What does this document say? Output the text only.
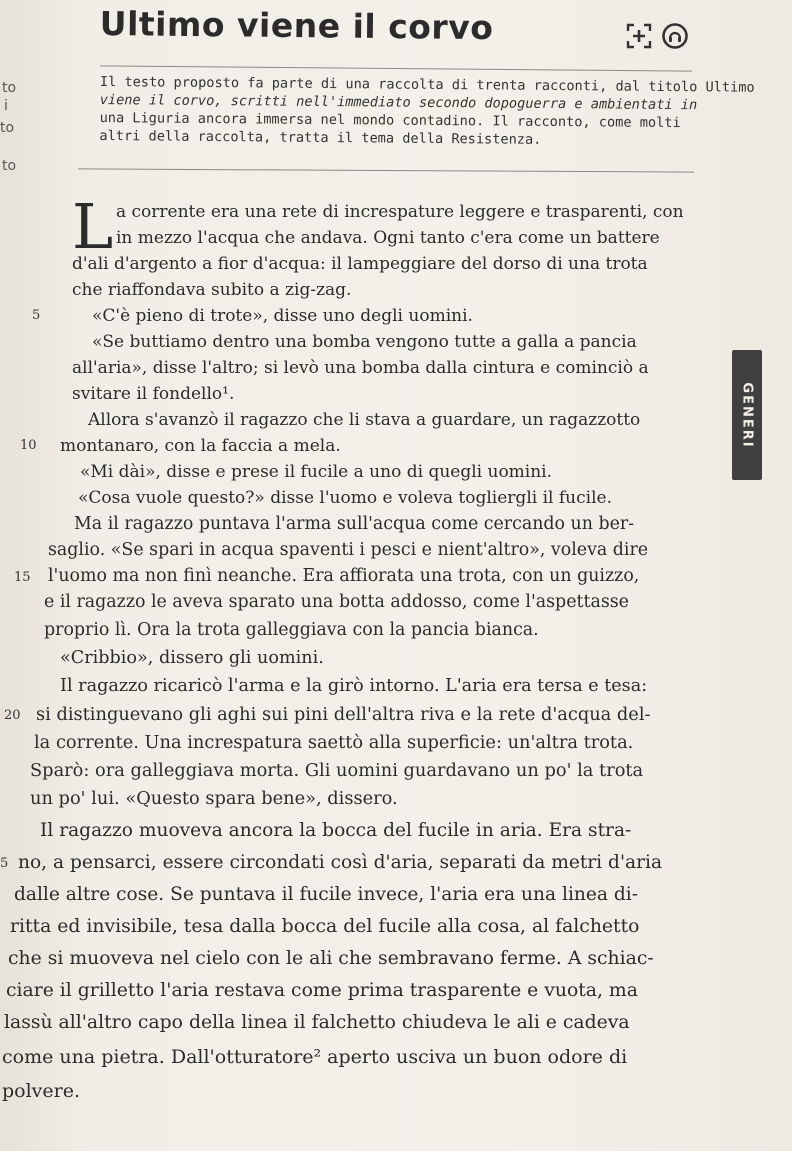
Ultimo viene il corvo
Il testo proposto fa parte di una raccolta di trenta racconti, dal titolo Ultimo
viene il corvo, scritti nell'immediato secondo dopoguerra e ambientati in
una Liguria ancora immersa nel mondo contadino. Il racconto, come molti
altri della raccolta, tratta il tema della Resistenza.
to
i
to
to
GENERI
L a corrente era una rete di increspature leggere e trasparenti, con
in mezzo l'acqua che andava. Ogni tanto c'era come un battere
d'ali d'argento a fior d'acqua: il lampeggiare del dorso di una trota
che riaffondava subito a zig-zag.
«C'è pieno di trote», disse uno degli uomini.
«Se buttiamo dentro una bomba vengono tutte a galla a pancia
all'aria», disse l'altro; si levò una bomba dalla cintura e cominciò a
svitare il fondello¹.
Allora s'avanzò il ragazzo che li stava a guardare, un ragazzotto
montanaro, con la faccia a mela.
«Mi dài», disse e prese il fucile a uno di quegli uomini.
«Cosa vuole questo?» disse l'uomo e voleva togliergli il fucile.
Ma il ragazzo puntava l'arma sull'acqua come cercando un ber-
saglio. «Se spari in acqua spaventi i pesci e nient'altro», voleva dire
l'uomo ma non finì neanche. Era affiorata una trota, con un guizzo,
e il ragazzo le aveva sparato una botta addosso, come l'aspettasse
proprio lì. Ora la trota galleggiava con la pancia bianca.
«Cribbio», dissero gli uomini.
Il ragazzo ricaricò l'arma e la girò intorno. L'aria era tersa e tesa:
si distinguevano gli aghi sui pini dell'altra riva e la rete d'acqua del-
la corrente. Una increspatura saettò alla superficie: un'altra trota.
Sparò: ora galleggiava morta. Gli uomini guardavano un po' la trota
un po' lui. «Questo spara bene», dissero.
Il ragazzo muoveva ancora la bocca del fucile in aria. Era stra-
no, a pensarci, essere circondati così d'aria, separati da metri d'aria
dalle altre cose. Se puntava il fucile invece, l'aria era una linea di-
ritta ed invisibile, tesa dalla bocca del fucile alla cosa, al falchetto
che si muoveva nel cielo con le ali che sembravano ferme. A schiac-
ciare il grilletto l'aria restava come prima trasparente e vuota, ma
lassù all'altro capo della linea il falchetto chiudeva le ali e cadeva
come una pietra. Dall'otturatore² aperto usciva un buon odore di
polvere.
5
10
15
20
5
